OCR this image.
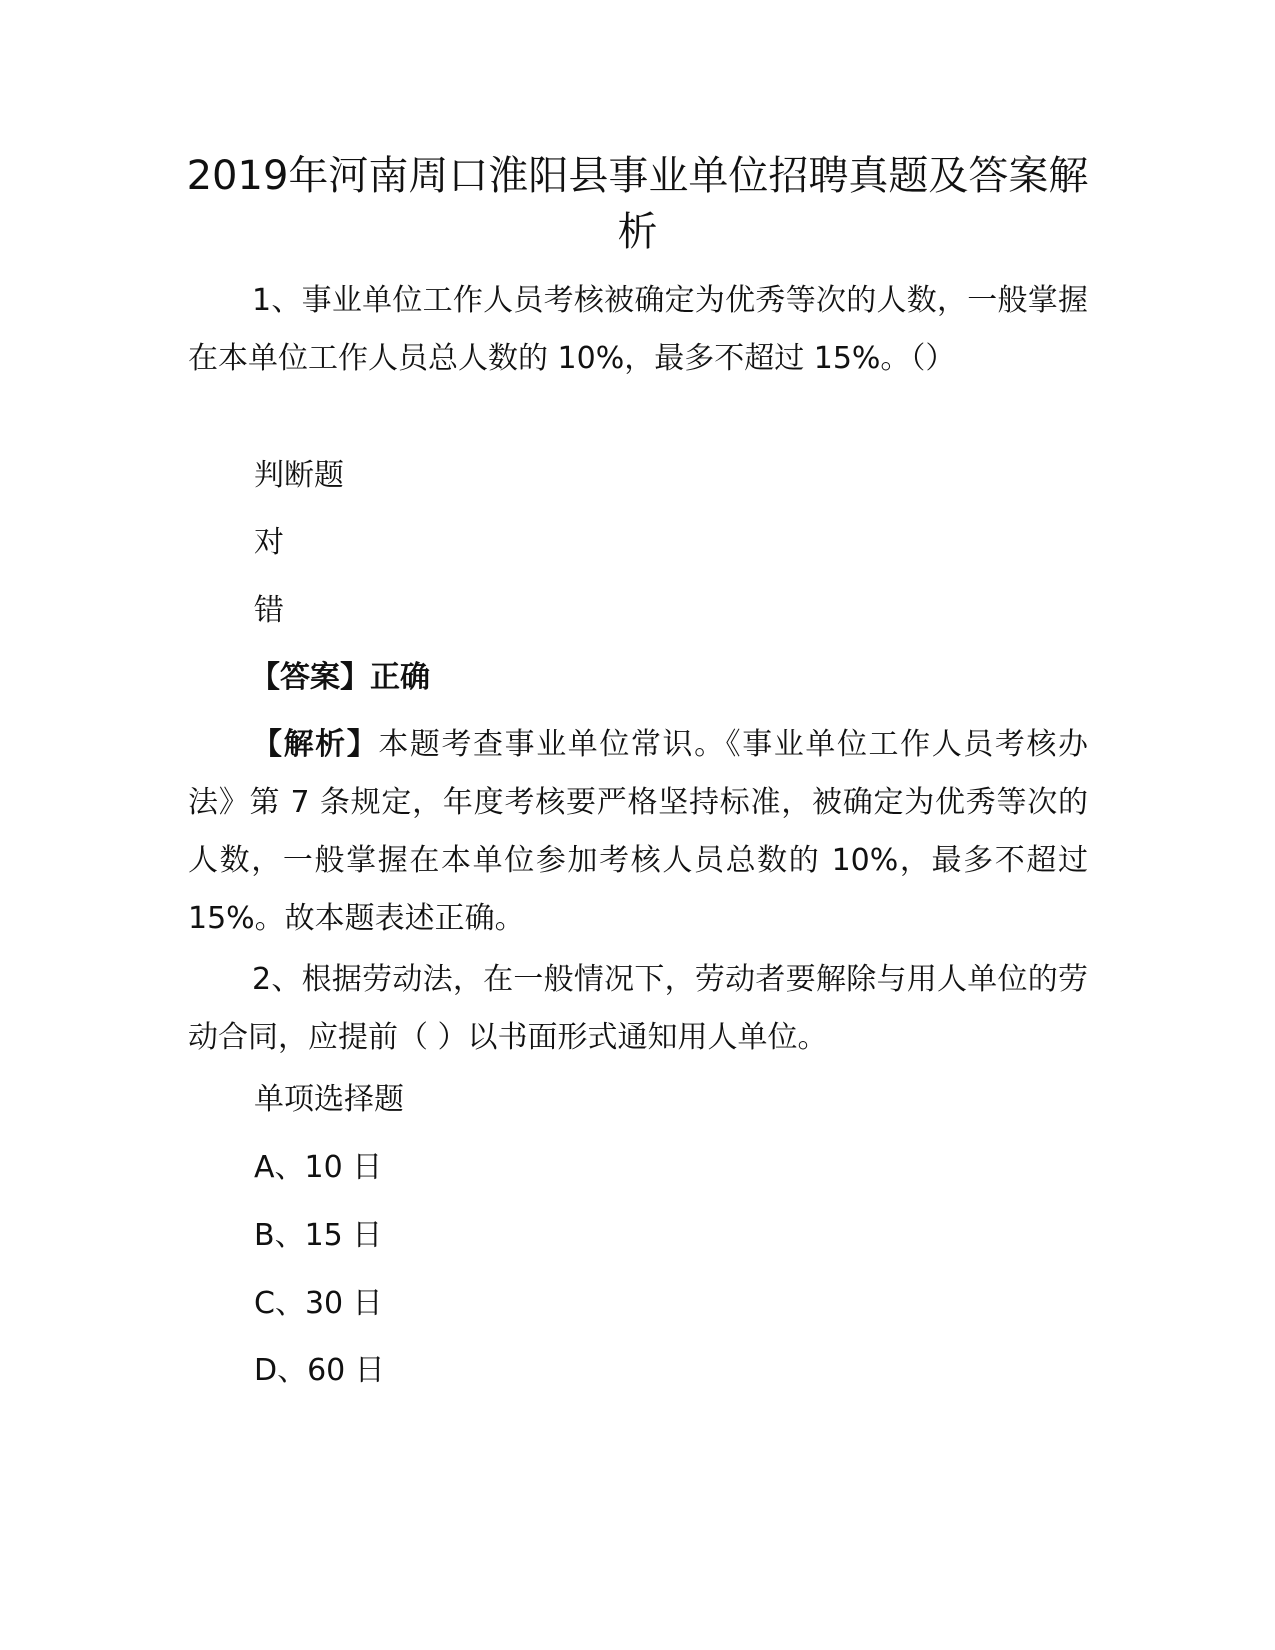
2019年河南周口淮阳县事业单位招聘真题及答案解析

1、事业单位工作人员考核被确定为优秀等次的人数，一般掌握在本单位工作人员总人数的 10%，最多不超过 15%。（）

判断题

对

错

【答案】正确

【解析】本题考查事业单位常识。《事业单位工作人员考核办法》第 7 条规定，年度考核要严格坚持标准，被确定为优秀等次的人数，一般掌握在本单位参加考核人员总数的 10%，最多不超过 15%。故本题表述正确。

2、根据劳动法，在一般情况下，劳动者要解除与用人单位的劳动合同，应提前（ ）以书面形式通知用人单位。

单项选择题

A、10 日

B、15 日

C、30 日

D、60 日
